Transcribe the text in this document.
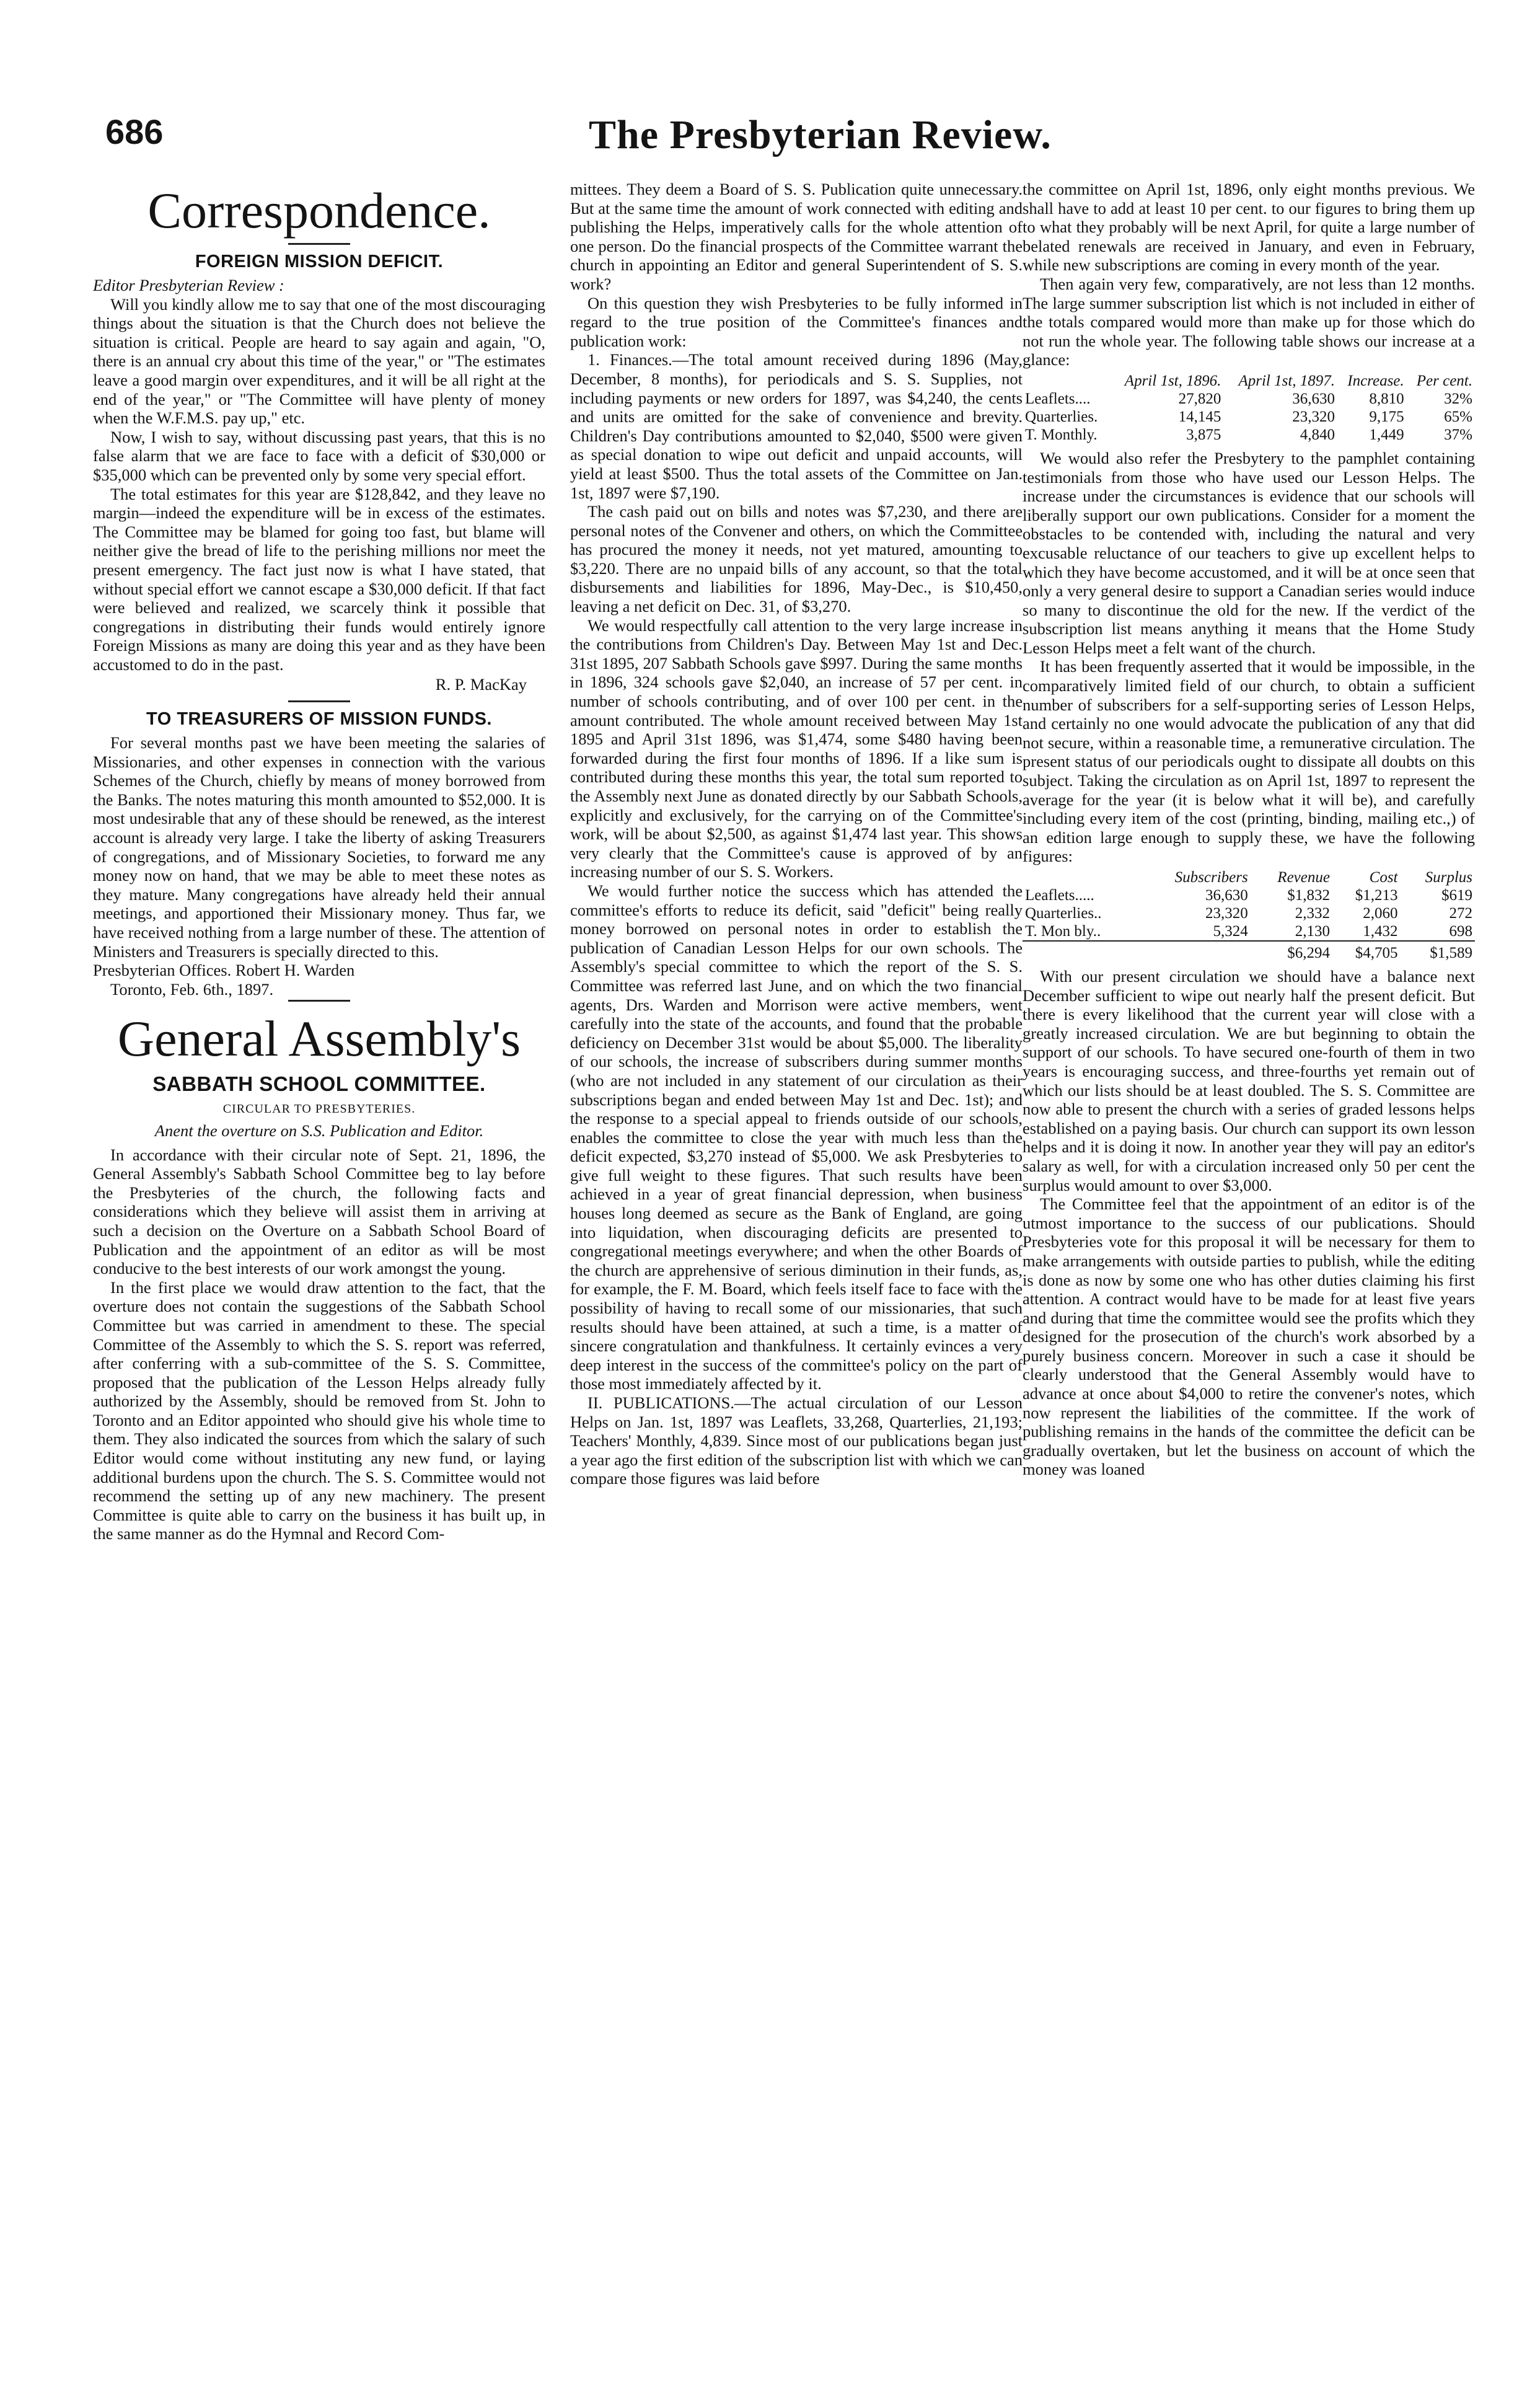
686	The Presbyterian Review.
Correspondence.
FOREIGN MISSION DEFICIT.

Editor Presbyterian Review :

Will you kindly allow me to say that one of the most discouraging things about the situation is that the Church does not believe the situation is critical. People are heard to say again and again, "O, there is an annual cry about this time of the year," or "The estimates leave a good margin over expenditures, and it will be all right at the end of the year," or "The Committee will have plenty of money when the W.F.M.S. pay up," etc.

Now, I wish to say, without discussing past years, that this is no false alarm that we are face to face with a deficit of $30,000 or $35,000 which can be prevented only by some very special effort.

The total estimates for this year are $128,842, and they leave no margin—indeed the expenditure will be in excess of the estimates. The Committee may be blamed for going too fast, but blame will neither give the bread of life to the perishing millions nor meet the present emergency. The fact just now is what I have stated, that without special effort we cannot escape a $30,000 deficit. If that fact were believed and realized, we scarcely think it possible that congregations in distributing their funds would entirely ignore Foreign Missions as many are doing this year and as they have been accustomed to do in the past.

R. P. MacKay
TO TREASURERS OF MISSION FUNDS.

For several months past we have been meeting the salaries of Missionaries, and other expenses in connection with the various Schemes of the Church, chiefly by means of money borrowed from the Banks. The notes maturing this month amounted to $52,000. It is most undesirable that any of these should be renewed, as the interest account is already very large. I take the liberty of asking Treasurers of congregations, and of Missionary Societies, to forward me any money now on hand, that we may be able to meet these notes as they mature. Many congregations have already held their annual meetings, and apportioned their Missionary money. Thus far, we have received nothing from a large number of these. The attention of Ministers and Treasurers is specially directed to this.

Presbyterian Offices. Robert H. Warden

Toronto, Feb. 6th., 1897.

General Assembly's
SABBATH SCHOOL COMMITTEE.
CIRCULAR TO PRESBYTERIES.
Anent the overture on S.S. Publication and Editor.

In accordance with their circular note of Sept. 21, 1896, the General Assembly's Sabbath School Committee beg to lay before the Presbyteries of the church, the following facts and considerations which they believe will assist them in arriving at such a decision on the Overture on a Sabbath School Board of Publication and the appointment of an editor as will be most conducive to the best interests of our work amongst the young.

In the first place we would draw attention to the fact, that the overture does not contain the suggestions of the Sabbath School Committee but was carried in amendment to these. The special Committee of the Assembly to which the S. S. report was referred, after conferring with a sub-committee of the S. S. Committee, proposed that the publication of the Lesson Helps already fully authorized by the Assembly, should be removed from St. John to Toronto and an Editor appointed who should give his whole time to them. They also indicated the sources from which the salary of such Editor would come without instituting any new fund, or laying additional burdens upon the church. The S. S. Committee would not recommend the setting up of any new machinery. The present Committee is quite able to carry on the business it has built up, in the same manner as do the Hymnal and Record Com-

mittees. They deem a Board of S. S. Publication quite unnecessary. But at the same time the amount of work connected with editing and publishing the Helps, imperatively calls for the whole attention of one person. Do the financial prospects of the Committee warrant the church in appointing an Editor and general Superintendent of S. S. work?

On this question they wish Presbyteries to be fully informed in regard to the true position of the Committee's finances and publication work:

1. Finances.—The total amount received during 1896 (May, December, 8 months), for periodicals and S. S. Supplies, not including payments or new orders for 1897, was $4,240, the cents and units are omitted for the sake of convenience and brevity. Children's Day contributions amounted to $2,040, $500 were given as special donation to wipe out deficit and unpaid accounts, will yield at least $500. Thus the total assets of the Committee on Jan. 1st, 1897 were $7,190.

The cash paid out on bills and notes was $7,230, and there are personal notes of the Convener and others, on which the Committee has procured the money it needs, not yet matured, amounting to $3,220. There are no unpaid bills of any account, so that the total disbursements and liabilities for 1896, May-Dec., is $10,450, leaving a net deficit on Dec. 31, of $3,270.

We would respectfully call attention to the very large increase in the contributions from Children's Day. Between May 1st and Dec. 31st 1895, 207 Sabbath Schools gave $997. During the same months in 1896, 324 schools gave $2,040, an increase of 57 per cent. in number of schools contributing, and of over 100 per cent. in the amount contributed. The whole amount received between May 1st 1895 and April 31st 1896, was $1,474, some $480 having been forwarded during the first four months of 1896. If a like sum is contributed during these months this year, the total sum reported to the Assembly next June as donated directly by our Sabbath Schools, explicitly and exclusively, for the carrying on of the Committee's work, will be about $2,500, as against $1,474 last year. This shows very clearly that the Committee's cause is approved of by an increasing number of our S. S. Workers.

We would further notice the success which has attended the committee's efforts to reduce its deficit, said "deficit" being really money borrowed on personal notes in order to establish the publication of Canadian Lesson Helps for our own schools. The Assembly's special committee to which the report of the S. S. Committee was referred last June, and on which the two financial agents, Drs. Warden and Morrison were active members, went carefully into the state of the accounts, and found that the probable deficiency on December 31st would be about $5,000. The liberality of our schools, the increase of subscribers during summer months (who are not included in any statement of our circulation as their subscriptions began and ended between May 1st and Dec. 1st); and the response to a special appeal to friends outside of our schools, enables the committee to close the year with much less than the deficit expected, $3,270 instead of $5,000. We ask Presbyteries to give full weight to these figures. That such results have been achieved in a year of great financial depression, when business houses long deemed as secure as the Bank of England, are going into liquidation, when discouraging deficits are presented to congregational meetings everywhere; and when the other Boards of the church are apprehensive of serious diminution in their funds, as, for example, the F. M. Board, which feels itself face to face with the possibility of having to recall some of our missionaries, that such results should have been attained, at such a time, is a matter of sincere congratulation and thankfulness. It certainly evinces a very deep interest in the success of the committee's policy on the part of those most immediately affected by it.

II. PUBLICATIONS.—The actual circulation of our Lesson Helps on Jan. 1st, 1897 was Leaflets, 33,268, Quarterlies, 21,193; Teachers' Monthly, 4,839. Since most of our publications began just a year ago the first edition of the subscription list with which we can compare those figures was laid before

the committee on April 1st, 1896, only eight months previous. We shall have to add at least 10 per cent. to our figures to bring them up to what they probably will be next April, for quite a large number of belated renewals are received in January, and even in February, while new subscriptions are coming in every month of the year.

Then again very few, comparatively, are not less than 12 months. The large summer subscription list which is not included in either of the totals compared would more than make up for those which do not run the whole year. The following table shows our increase at a glance:

	April 1st, 1896.	April 1st, 1897.	Increase.	Per cent.
Leaflets....	27,820	36,630	8,810	32%
Quarterlies.	14,145	23,320	9,175	65%
T. Monthly.	3,875	4,840	1,449	37%

We would also refer the Presbytery to the pamphlet containing testimonials from those who have used our Lesson Helps. The increase under the circumstances is evidence that our schools will liberally support our own publications. Consider for a moment the obstacles to be contended with, including the natural and very excusable reluctance of our teachers to give up excellent helps to which they have become accustomed, and it will be at once seen that only a very general desire to support a Canadian series would induce so many to discontinue the old for the new. If the verdict of the subscription list means anything it means that the Home Study Lesson Helps meet a felt want of the church.

It has been frequently asserted that it would be impossible, in the comparatively limited field of our church, to obtain a sufficient number of subscribers for a self-supporting series of Lesson Helps, and certainly no one would advocate the publication of any that did not secure, within a reasonable time, a remunerative circulation. The present status of our periodicals ought to dissipate all doubts on this subject. Taking the circulation as on April 1st, 1897 to represent the average for the year (it is below what it will be), and carefully including every item of the cost (printing, binding, mailing etc.,) of an edition large enough to supply these, we have the following figures:

	Subscribers	Revenue	Cost	Surplus
Leaflets.....	36,630	$1,832	$1,213	$619
Quarterlies..	23,320	2,332	2,060	272
T. Mon bly..	5,324	2,130	1,432	698
		$6,294	$4,705	$1,589

With our present circulation we should have a balance next December sufficient to wipe out nearly half the present deficit. But there is every likelihood that the current year will close with a greatly increased circulation. We are but beginning to obtain the support of our schools. To have secured one-fourth of them in two years is encouraging success, and three-fourths yet remain out of which our lists should be at least doubled. The S. S. Committee are now able to present the church with a series of graded lessons helps established on a paying basis. Our church can support its own lesson helps and it is doing it now. In another year they will pay an editor's salary as well, for with a circulation increased only 50 per cent the surplus would amount to over $3,000.

The Committee feel that the appointment of an editor is of the utmost importance to the success of our publications. Should Presbyteries vote for this proposal it will be necessary for them to make arrangements with outside parties to publish, while the editing is done as now by some one who has other duties claiming his first attention. A contract would have to be made for at least five years and during that time the committee would see the profits which they designed for the prosecution of the church's work absorbed by a purely business concern. Moreover in such a case it should be clearly understood that the General Assembly would have to advance at once about $4,000 to retire the convener's notes, which now represent the liabilities of the committee. If the work of publishing remains in the hands of the committee the deficit can be gradually overtaken, but let the business on account of which the money was loaned
